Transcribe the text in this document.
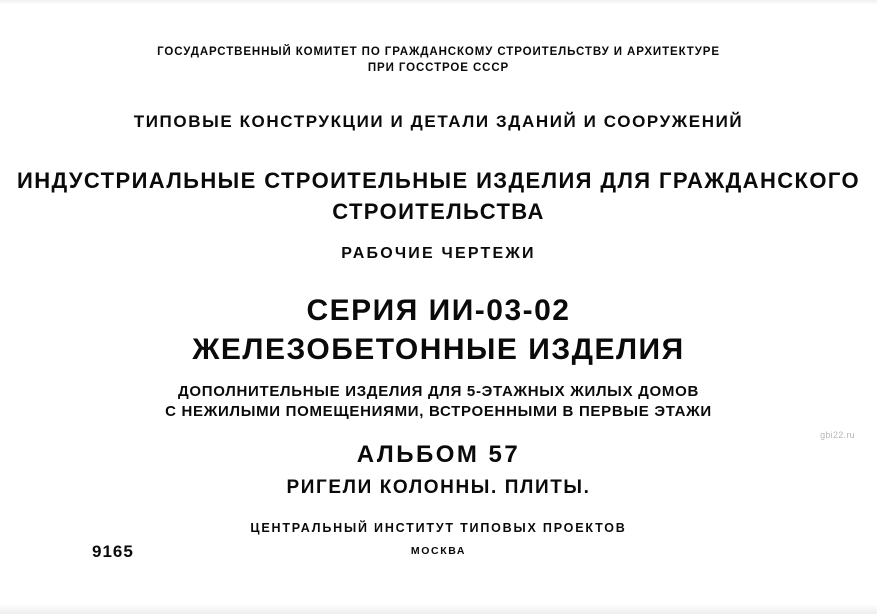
ГОСУДАРСТВЕННЫЙ КОМИТЕТ ПО ГРАЖДАНСКОМУ СТРОИТЕЛЬСТВУ И АРХИТЕКТУРЕ
ПРИ ГОССТРОЕ СССР
ТИПОВЫЕ КОНСТРУКЦИИ И ДЕТАЛИ ЗДАНИЙ И СООРУЖЕНИЙ
ИНДУСТРИАЛЬНЫЕ СТРОИТЕЛЬНЫЕ ИЗДЕЛИЯ ДЛЯ ГРАЖДАНСКОГО
СТРОИТЕЛЬСТВА
РАБОЧИЕ ЧЕРТЕЖИ
СЕРИЯ ИИ-03-02
ЖЕЛЕЗОБЕТОННЫЕ ИЗДЕЛИЯ
ДОПОЛНИТЕЛЬНЫЕ ИЗДЕЛИЯ ДЛЯ 5-ЭТАЖНЫХ ЖИЛЫХ ДОМОВ
С НЕЖИЛЫМИ ПОМЕЩЕНИЯМИ, ВСТРОЕННЫМИ В ПЕРВЫЕ ЭТАЖИ
АЛЬБОМ 57
РИГЕЛИ КОЛОННЫ. ПЛИТЫ.
ЦЕНТРАЛЬНЫЙ ИНСТИТУТ ТИПОВЫХ ПРОЕКТОВ
МОСКВА
9165
gbi22.ru
